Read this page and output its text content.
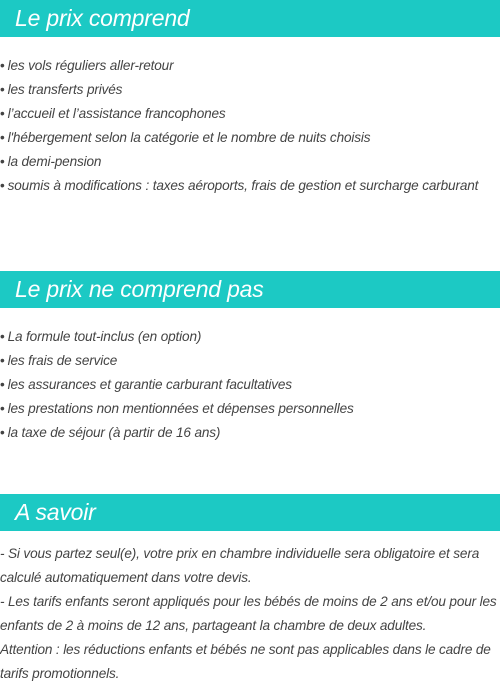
Le prix comprend
• les vols réguliers aller-retour
• les transferts privés
• l’accueil et l’assistance francophones
• l'hébergement selon la catégorie et le nombre de nuits choisis
• la demi-pension
• soumis à modifications : taxes aéroports, frais de gestion et surcharge carburant
Le prix ne comprend pas
• La formule tout-inclus (en option)
• les frais de service
• les assurances et garantie carburant facultatives
• les prestations non mentionnées et dépenses personnelles
• la taxe de séjour (à partir de 16 ans)
A savoir

- Si vous partez seul(e), votre prix en chambre individuelle sera obligatoire et sera calculé automatiquement dans votre devis.

- Les tarifs enfants seront appliqués pour les bébés de moins de 2 ans et/ou pour les enfants de 2 à moins de 12 ans, partageant la chambre de deux adultes.

Attention : les réductions enfants et bébés ne sont pas applicables dans le cadre de tarifs promotionnels.
